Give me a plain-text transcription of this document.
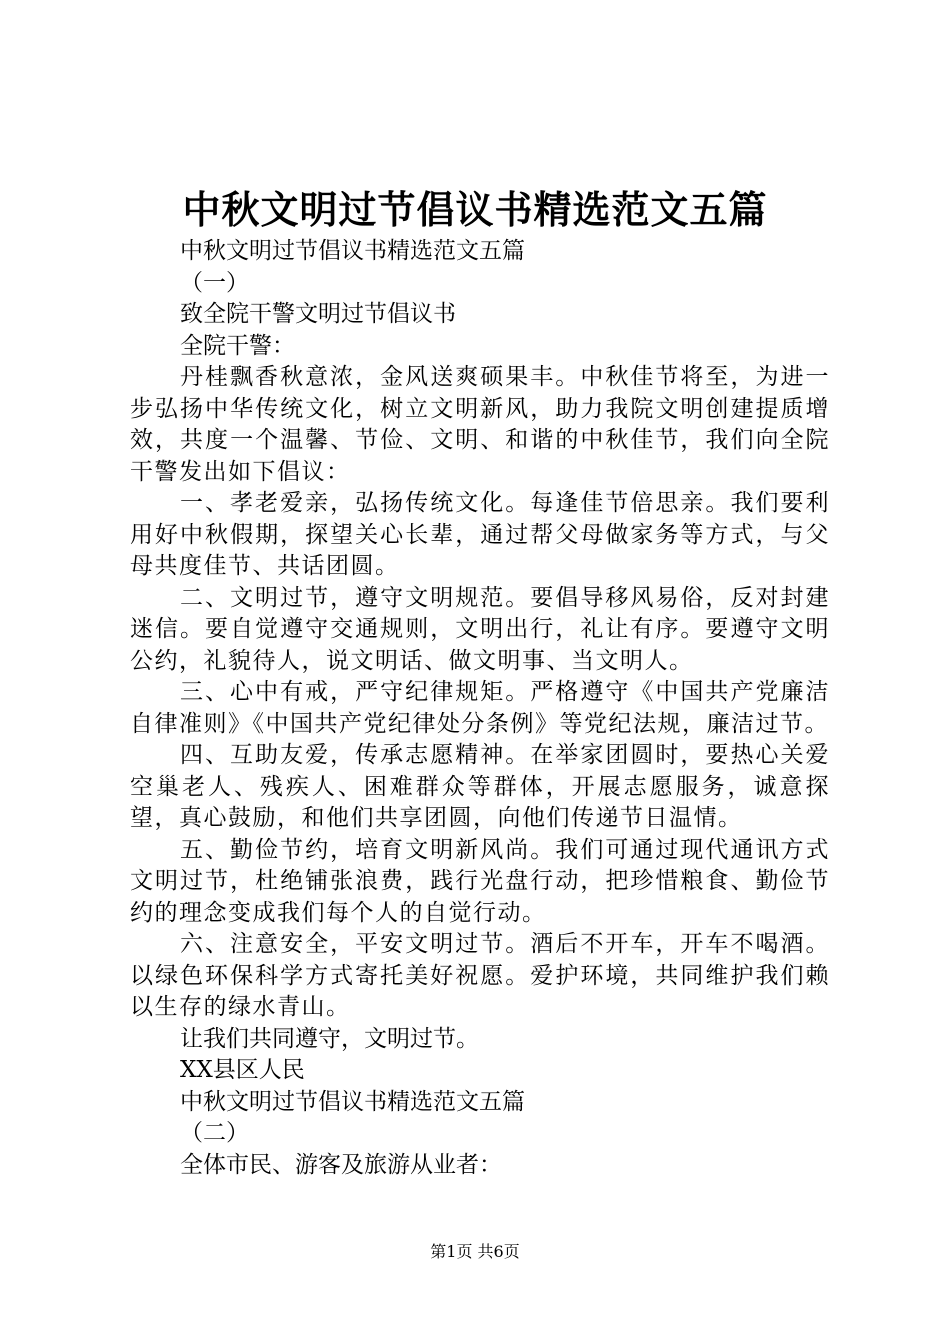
中秋文明过节倡议书精选范文五篇

中秋文明过节倡议书精选范文五篇

（一）

致全院干警文明过节倡议书

全院干警：

丹桂飘香秋意浓，金风送爽硕果丰。中秋佳节将至，为进一步弘扬中华传统文化，树立文明新风，助力我院文明创建提质增效，共度一个温馨、节俭、文明、和谐的中秋佳节，我们向全院干警发出如下倡议：

一、孝老爱亲，弘扬传统文化。每逢佳节倍思亲。我们要利用好中秋假期，探望关心长辈，通过帮父母做家务等方式，与父母共度佳节、共话团圆。

二、文明过节，遵守文明规范。要倡导移风易俗，反对封建迷信。要自觉遵守交通规则，文明出行，礼让有序。要遵守文明公约，礼貌待人，说文明话、做文明事、当文明人。

三、心中有戒，严守纪律规矩。严格遵守《中国共产党廉洁自律准则》《中国共产党纪律处分条例》等党纪法规，廉洁过节。

四、互助友爱，传承志愿精神。在举家团圆时，要热心关爱空巢老人、残疾人、困难群众等群体，开展志愿服务，诚意探望，真心鼓励，和他们共享团圆，向他们传递节日温情。

五、勤俭节约，培育文明新风尚。我们可通过现代通讯方式文明过节，杜绝铺张浪费，践行光盘行动，把珍惜粮食、勤俭节约的理念变成我们每个人的自觉行动。

六、注意安全，平安文明过节。酒后不开车，开车不喝酒。以绿色环保科学方式寄托美好祝愿。爱护环境，共同维护我们赖以生存的绿水青山。

让我们共同遵守，文明过节。

XX县区人民

中秋文明过节倡议书精选范文五篇

（二）

全体市民、游客及旅游从业者：

第1页 共6页
